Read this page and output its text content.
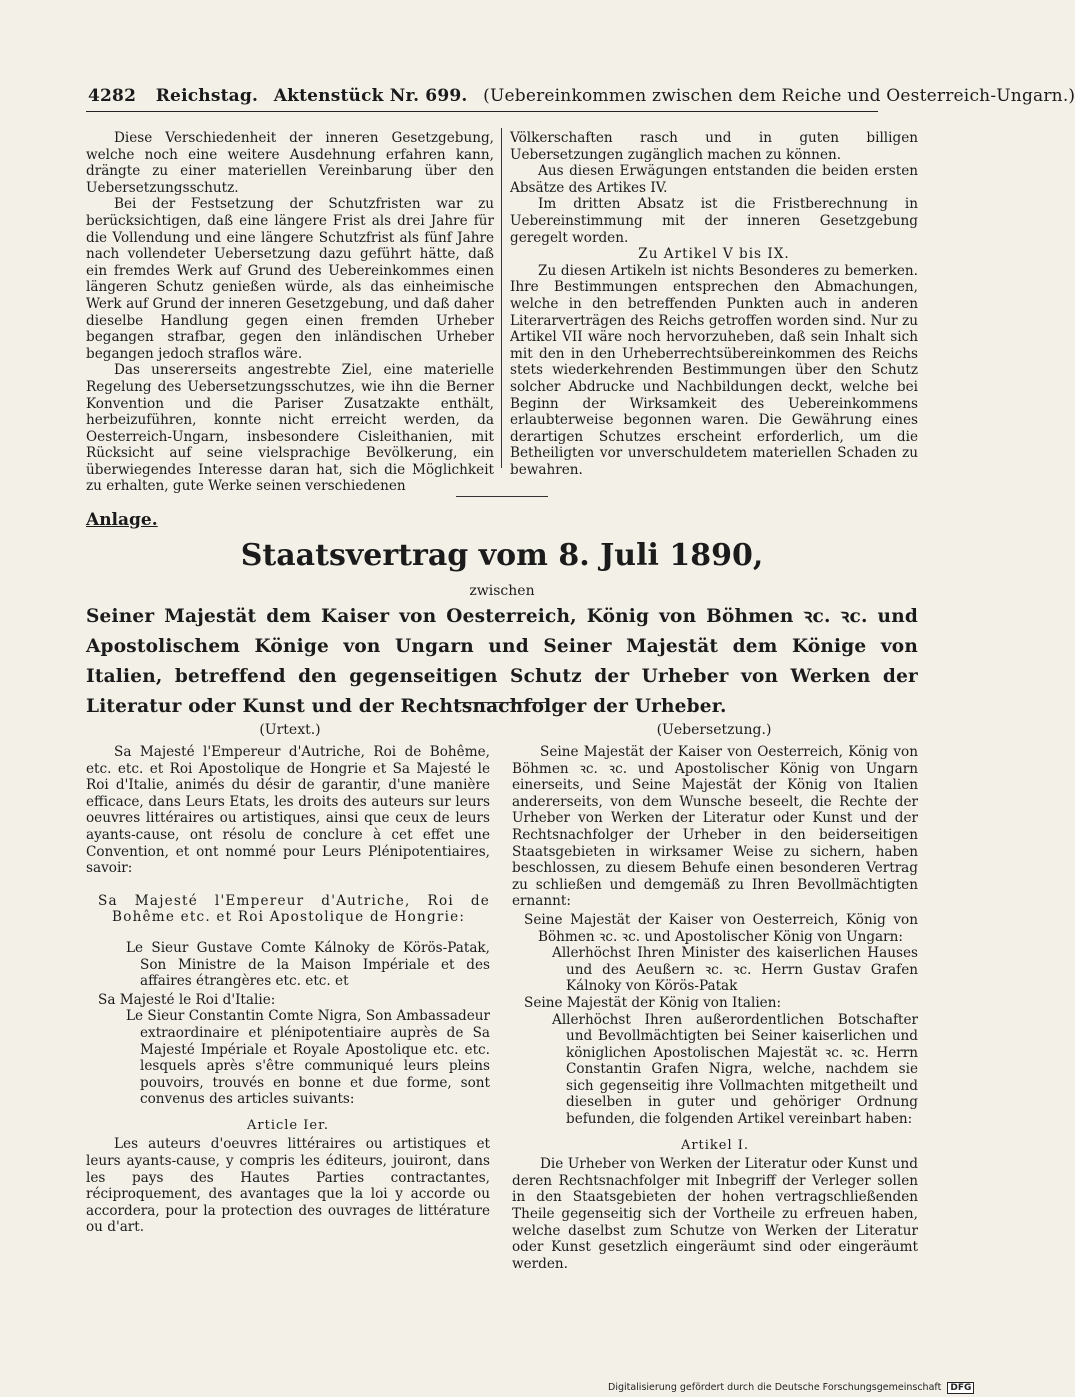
4282 Reichstag. Aktenstück Nr. 699. (Uebereinkommen zwischen dem Reiche und Oesterreich-Ungarn.)

Diese Verschiedenheit der inneren Gesetzgebung, welche noch eine weitere Ausdehnung erfahren kann, drängte zu einer materiellen Vereinbarung über den Uebersetzungsschutz.

Bei der Festsetzung der Schutzfristen war zu berücksichtigen, daß eine längere Frist als drei Jahre für die Vollendung und eine längere Schutzfrist als fünf Jahre nach vollendeter Uebersetzung dazu geführt hätte, daß ein fremdes Werk auf Grund des Uebereinkommes einen längeren Schutz genießen würde, als das einheimische Werk auf Grund der inneren Gesetzgebung, und daß daher dieselbe Handlung gegen einen fremden Urheber begangen strafbar, gegen den inländischen Urheber begangen jedoch straflos wäre.

Das unsererseits angestrebte Ziel, eine materielle Regelung des Uebersetzungsschutzes, wie ihn die Berner Konvention und die Pariser Zusatzakte enthält, herbeizuführen, konnte nicht erreicht werden, da Oesterreich-Ungarn, insbesondere Cisleithanien, mit Rücksicht auf seine vielsprachige Bevölkerung, ein überwiegendes Interesse daran hat, sich die Möglichkeit zu erhalten, gute Werke seinen verschiedenen

Völkerschaften rasch und in guten billigen Uebersetzungen zugänglich machen zu können.

Aus diesen Erwägungen entstanden die beiden ersten Absätze des Artikes IV.

Im dritten Absatz ist die Fristberechnung in Uebereinstimmung mit der inneren Gesetzgebung geregelt worden.

Zu Artikel V bis IX.

Zu diesen Artikeln ist nichts Besonderes zu bemerken. Ihre Bestimmungen entsprechen den Abmachungen, welche in den betreffenden Punkten auch in anderen Literarverträgen des Reichs getroffen worden sind. Nur zu Artikel VII wäre noch hervorzuheben, daß sein Inhalt sich mit den in den Urheberrechtsübereinkommen des Reichs stets wiederkehrenden Bestimmungen über den Schutz solcher Abdrucke und Nachbildungen deckt, welche bei Beginn der Wirksamkeit des Uebereinkommens erlaubterweise begonnen waren. Die Gewährung eines derartigen Schutzes erscheint erforderlich, um die Betheiligten vor unverschuldetem materiellen Schaden zu bewahren.

Anlage.
Staatsvertrag vom 8. Juli 1890,
zwischen
Seiner Majestät dem Kaiser von Oesterreich, König von Böhmen ꝛc. ꝛc. und Apostolischem Könige von Ungarn und Seiner Majestät dem Könige von Italien, betreffend den gegenseitigen Schutz der Urheber von Werken der Literatur oder Kunst und der Rechtsnachfolger der Urheber.
(Urtext.)	(Uebersetzung.)

Sa Majesté l'Empereur d'Autriche, Roi de Bohême, etc. etc. et Roi Apostolique de Hongrie et Sa Majesté le Roi d'Italie, animés du désir de garantir, d'une manière efficace, dans Leurs Etats, les droits des auteurs sur leurs oeuvres littéraires ou artistiques, ainsi que ceux de leurs ayants-cause, ont résolu de conclure à cet effet une Convention, et ont nommé pour Leurs Plénipotentiaires, savoir:

Sa Majesté l'Empereur d'Autriche, Roi de Bohême etc. et Roi Apostolique de Hongrie:

Le Sieur Gustave Comte Kálnoky de Körös-Patak, Son Ministre de la Maison Impériale et des affaires étrangères etc. etc. et

Sa Majesté le Roi d'Italie:

Le Sieur Constantin Comte Nigra, Son Ambassadeur extraordinaire et plénipotentiaire auprès de Sa Majesté Impériale et Royale Apostolique etc. etc. lesquels après s'être communiqué leurs pleins pouvoirs, trouvés en bonne et due forme, sont convenus des articles suivants:

Article Ier.

Les auteurs d'oeuvres littéraires ou artistiques et leurs ayants-cause, y compris les éditeurs, jouiront, dans les pays des Hautes Parties contractantes, réciproquement, des avantages que la loi y accorde ou accordera, pour la protection des ouvrages de littérature ou d'art.

Seine Majestät der Kaiser von Oesterreich, König von Böhmen ꝛc. ꝛc. und Apostolischer König von Ungarn einerseits, und Seine Majestät der König von Italien andererseits, von dem Wunsche beseelt, die Rechte der Urheber von Werken der Literatur oder Kunst und der Rechtsnachfolger der Urheber in den beiderseitigen Staatsgebieten in wirksamer Weise zu sichern, haben beschlossen, zu diesem Behufe einen besonderen Vertrag zu schließen und demgemäß zu Ihren Bevollmächtigten ernannt:

Seine Majestät der Kaiser von Oesterreich, König von Böhmen ꝛc. ꝛc. und Apostolischer König von Ungarn:

Allerhöchst Ihren Minister des kaiserlichen Hauses und des Aeußern ꝛc. ꝛc. Herrn Gustav Grafen Kálnoky von Körös-Patak

Seine Majestät der König von Italien:

Allerhöchst Ihren außerordentlichen Botschafter und Bevollmächtigten bei Seiner kaiserlichen und königlichen Apostolischen Majestät ꝛc. ꝛc. Herrn Constantin Grafen Nigra, welche, nachdem sie sich gegenseitig ihre Vollmachten mitgetheilt und dieselben in guter und gehöriger Ordnung befunden, die folgenden Artikel vereinbart haben:

Artikel I.

Die Urheber von Werken der Literatur oder Kunst und deren Rechtsnachfolger mit Inbegriff der Verleger sollen in den Staatsgebieten der hohen vertragschließenden Theile gegenseitig sich der Vortheile zu erfreuen haben, welche daselbst zum Schutze von Werken der Literatur oder Kunst gesetzlich eingeräumt sind oder eingeräumt werden.

Digitalisierung gefördert durch die Deutsche Forschungsgemeinschaft DFG
